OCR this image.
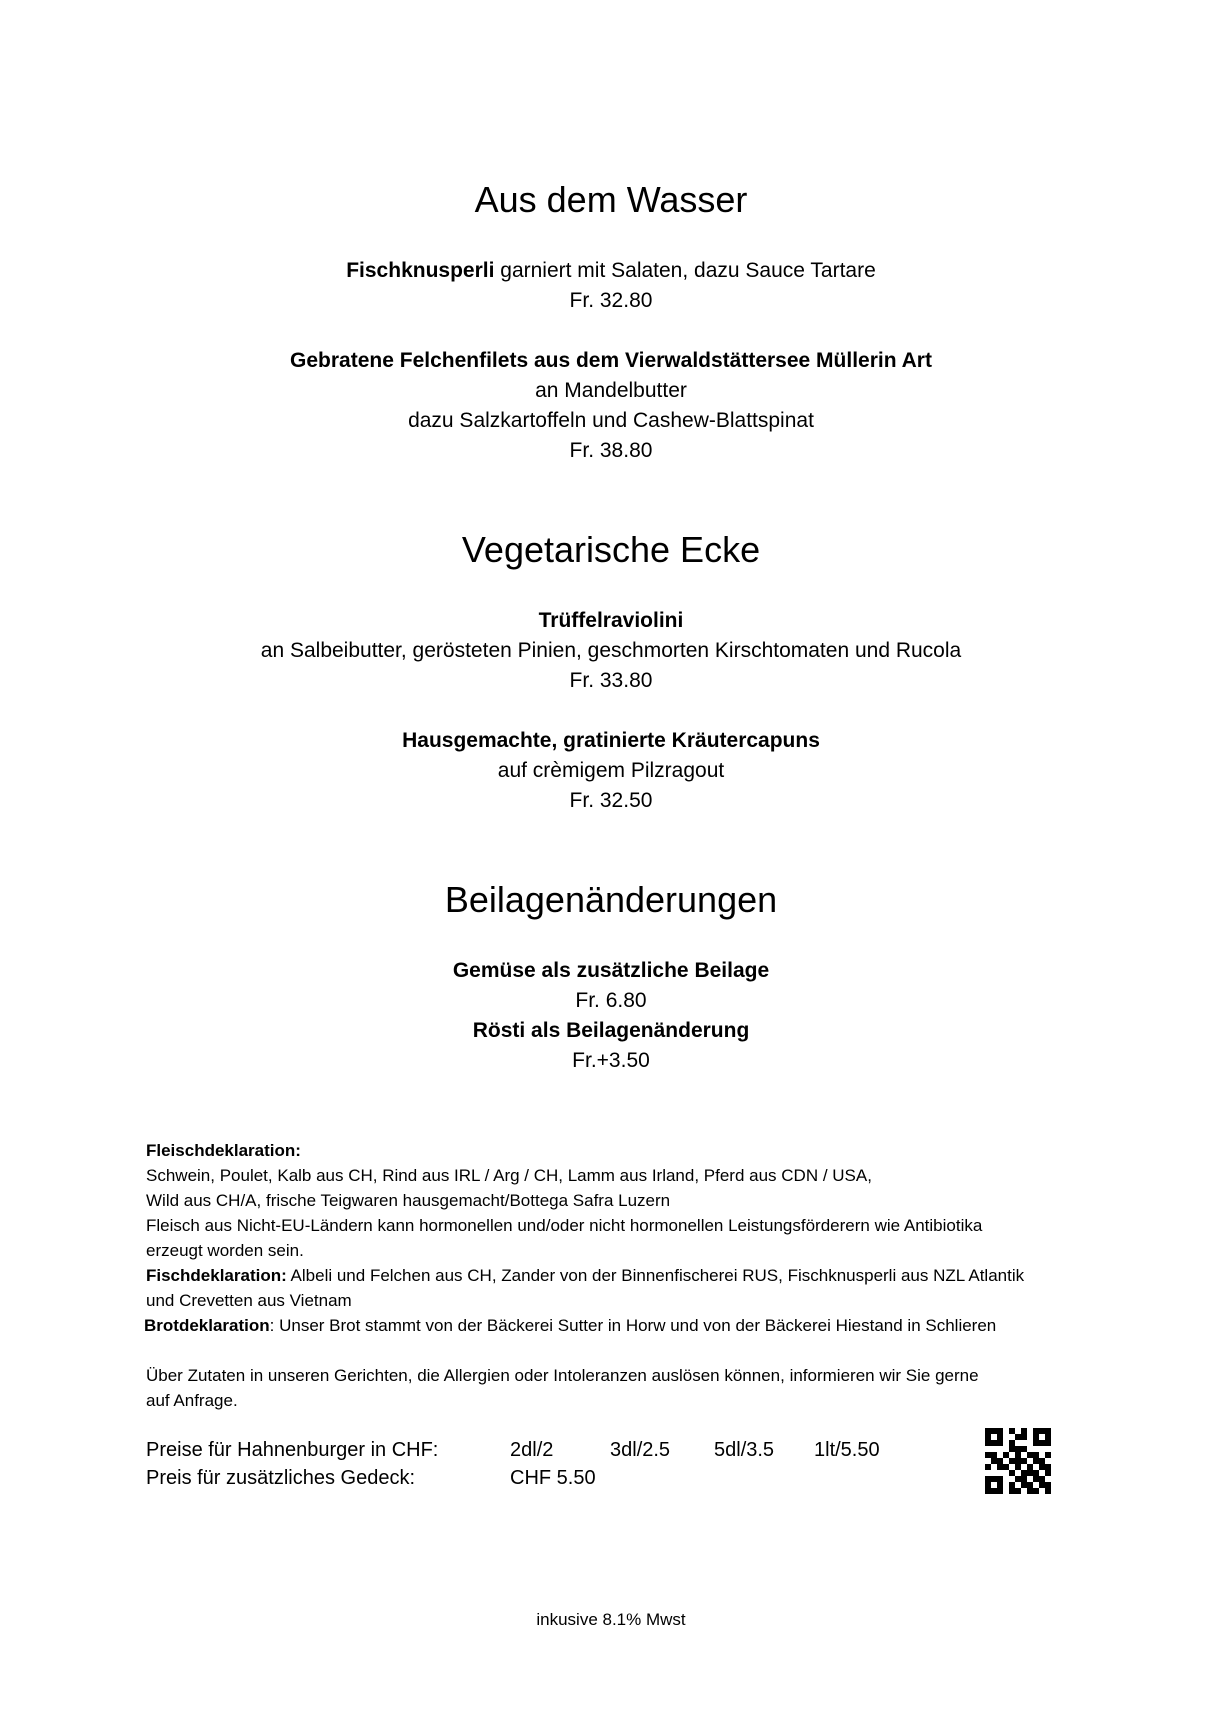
Aus dem Wasser
Fischknusperli garniert mit Salaten, dazu Sauce Tartare
Fr. 32.80
Gebratene Felchenfilets aus dem Vierwaldstättersee Müllerin Art
an Mandelbutter
dazu Salzkartoffeln und Cashew-Blattspinat
Fr. 38.80
Vegetarische Ecke
Trüffelraviolini
an Salbeibutter, gerösteten Pinien, geschmorten Kirschtomaten und Rucola
Fr. 33.80
Hausgemachte, gratinierte Kräutercapuns
auf crèmigem Pilzragout
Fr. 32.50
Beilagenänderungen
Gemüse als zusätzliche Beilage
Fr. 6.80
Rösti als Beilagenänderung
Fr.+3.50
Fleischdeklaration:
Schwein, Poulet, Kalb aus CH, Rind aus IRL / Arg / CH, Lamm aus Irland, Pferd aus CDN / USA,
Wild aus CH/A, frische Teigwaren hausgemacht/Bottega Safra Luzern
Fleisch aus Nicht-EU-Ländern kann hormonellen und/oder nicht hormonellen Leistungsförderern wie Antibiotika
erzeugt worden sein.
Fischdeklaration: Albeli und Felchen aus CH, Zander von der Binnenfischerei RUS, Fischknusperli aus NZL Atlantik
und Crevetten aus Vietnam
Brotdeklaration: Unser Brot stammt von der Bäckerei Sutter in Horw und von der Bäckerei Hiestand in Schlieren
Über Zutaten in unseren Gerichten, die Allergien oder Intoleranzen auslösen können, informieren wir Sie gerne
auf Anfrage.
Preise für Hahnenburger in CHF:	2dl/2	3dl/2.5 5dl/3.5 1lt/5.50
Preis für zusätzliches Gedeck:	CHF 5.50
inkusive 8.1% Mwst
